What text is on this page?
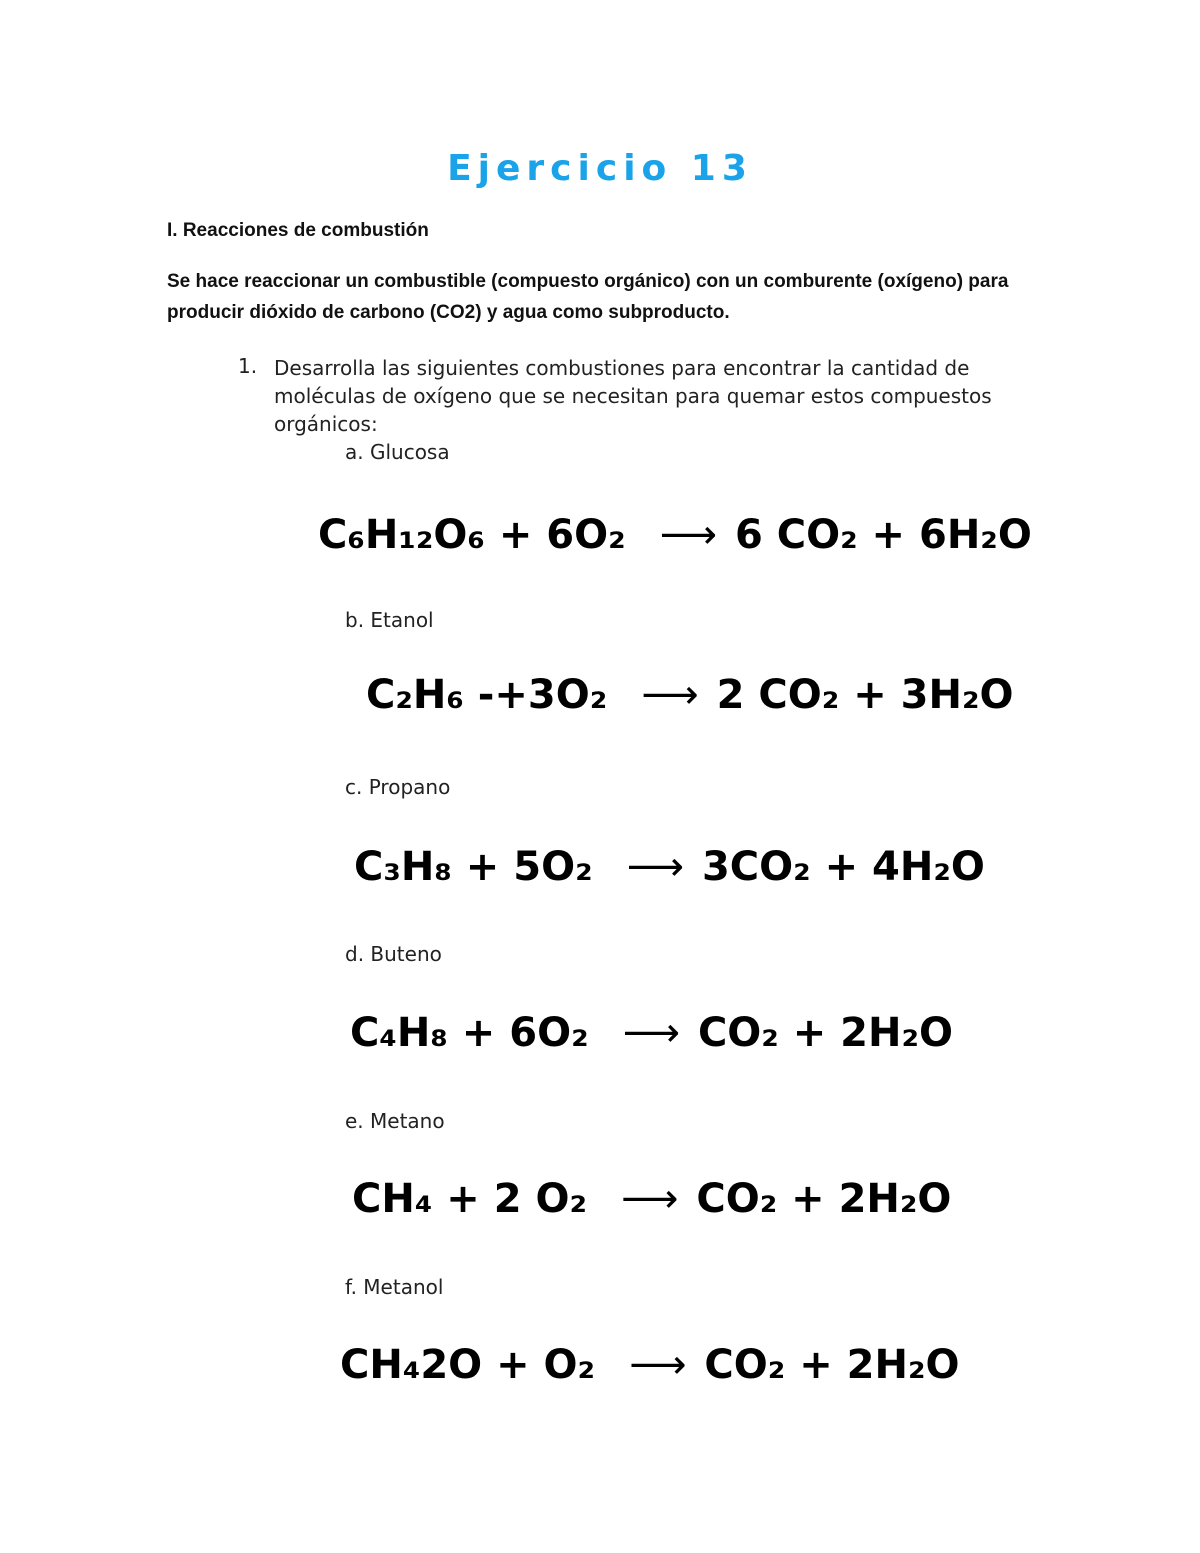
Ejercicio 13
I. Reacciones de combustión
Se hace reaccionar un combustible (compuesto orgánico) con un comburente (oxígeno) para producir dióxido de carbono (CO2) y agua como subproducto.
1. Desarrolla las siguientes combustiones para encontrar la cantidad de moléculas de oxígeno que se necesitan para quemar estos compuestos orgánicos:
a. Glucosa
C₆H₁₂O₆ + 6O₂ ⟶ 6 CO₂ + 6H₂O
b. Etanol
C₂H₆ -+3O₂ ⟶ 2 CO₂ + 3H₂O
c. Propano
C₃H₈ + 5O₂ ⟶ 3CO₂ + 4H₂O
d. Buteno
C₄H₈ + 6O₂ ⟶ CO₂ + 2H₂O
e. Metano
CH₄ + 2 O₂ ⟶ CO₂ + 2H₂O
f. Metanol
CH₄2O + O₂ ⟶ CO₂ + 2H₂O
